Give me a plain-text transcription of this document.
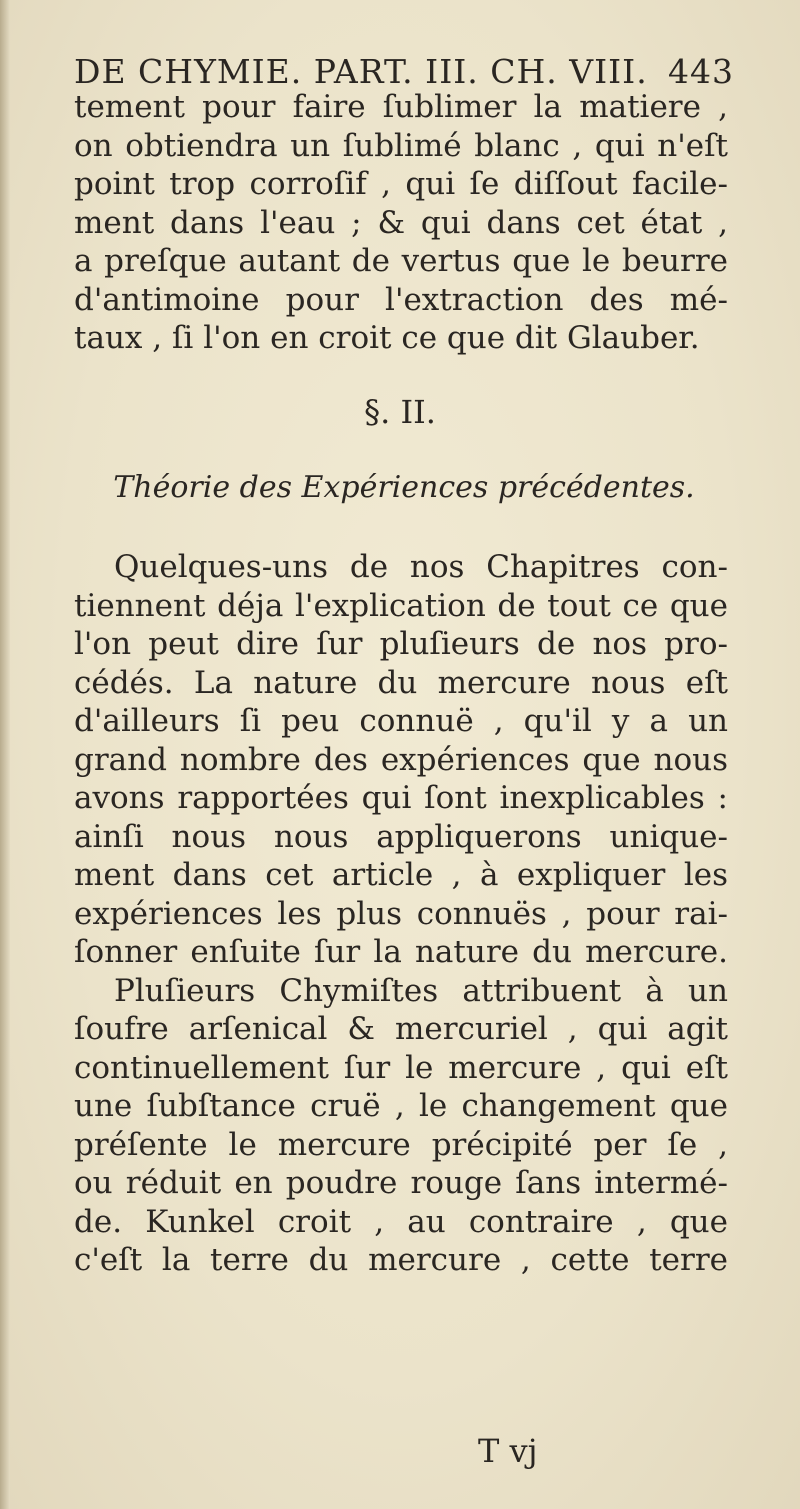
DE CHYMIE. PART. III. CH. VIII. 443
tement pour faire ſublimer la matiere ,
on obtiendra un ſublimé blanc , qui n'eſt
point trop corroſif , qui ſe diſſout facile-
ment dans l'eau ; & qui dans cet état ,
a preſque autant de vertus que le beurre
d'antimoine pour l'extraction des mé-
taux , ſi l'on en croit ce que dit Glauber.
§. II.
Théorie des Expériences précédentes.
Quelques-uns de nos Chapitres con-
tiennent déja l'explication de tout ce que
l'on peut dire ſur pluſieurs de nos pro-
cédés. La nature du mercure nous eſt
d'ailleurs ſi peu connuë , qu'il y a un
grand nombre des expériences que nous
avons rapportées qui ſont inexplicables :
ainſi nous nous appliquerons unique-
ment dans cet article , à expliquer les
expériences les plus connuës , pour rai-
ſonner enſuite ſur la nature du mercure.
Pluſieurs Chymiſtes attribuent à un
ſoufre arſenical & mercuriel , qui agit
continuellement ſur le mercure , qui eſt
une ſubſtance cruë , le changement que
préſente le mercure précipité per ſe ,
ou réduit en poudre rouge ſans intermé-
de. Kunkel croit , au contraire , que
c'eſt la terre du mercure , cette terre
T vj
